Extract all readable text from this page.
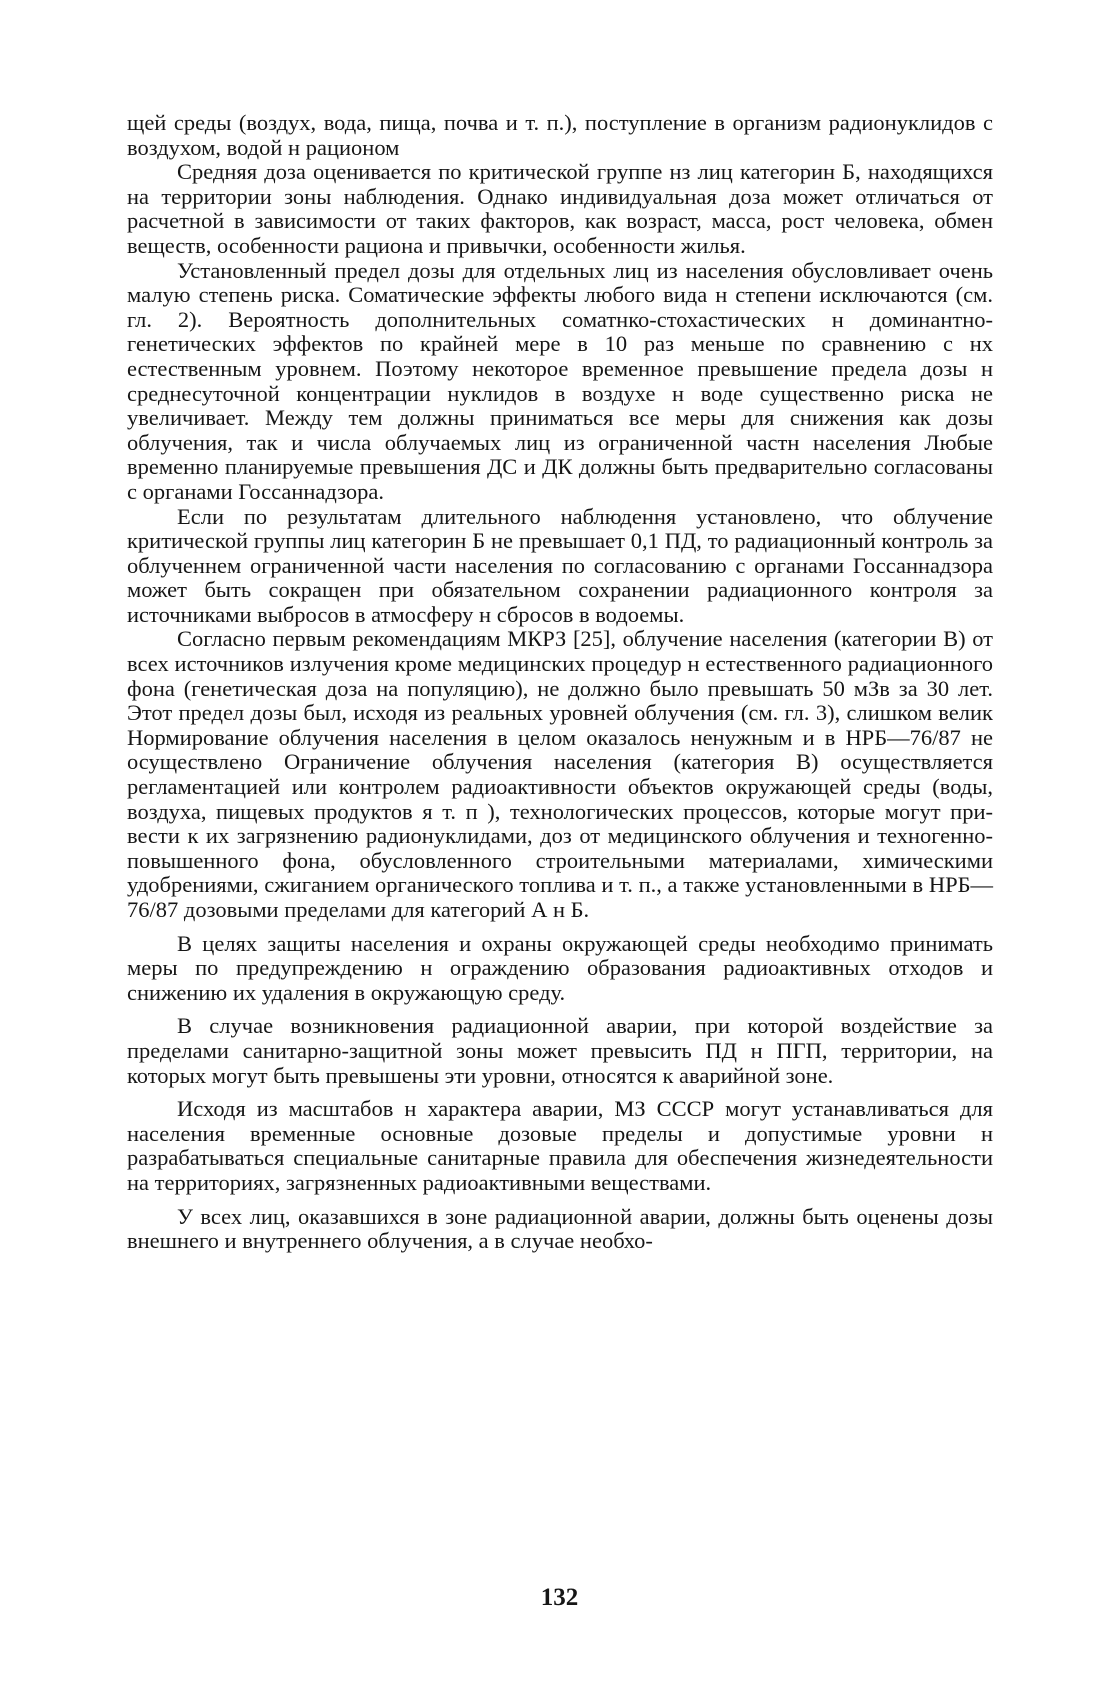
щей среды (воздух, вода, пища, почва и т. п.), поступление в организм радионуклидов с воздухом, водой н рационом

Средняя доза оценивается по критической группе нз лиц категорин Б, находящихся на территории зоны наблюдения. Однако индивидуальная доза может отличаться от расчетной в зависимости от таких факторов, как возраст, масса, рост человека, обмен веществ, особенности рациона и привычки, особенности жилья.

Установленный предел дозы для отдельных лиц из населения обусловливает очень малую степень риска. Соматические эффекты любого вида н степени исключаются (см. гл. 2). Вероятность дополнительных соматнко-стохастических н доминантно-генетических эффектов по крайней мере в 10 раз меньше по сравнению с нх естественным уровнем. Поэтому некоторое временное превышение предела дозы н среднесуточной концентрации нуклидов в воздухе н воде существенно риска не увеличивает. Между тем должны приниматься все меры для снижения как дозы облучения, так и числа облучаемых лиц из ограниченной частн населения Любые временно планируемые превышения ДС и ДК должны быть предварительно согласованы с органами Госсаннадзора.

Если по результатам длительного наблюдення установлено, что облучение критической группы лиц категорин Б не превышает 0,1 ПД, то радиационный контроль за облученнем ограниченной части населения по согласованию с органами Госсаннадзора может быть сокращен при обязательном сохранении радиационного контроля за источниками выбросов в атмосферу н сбросов в водоемы.

Согласно первым рекомендациям МКРЗ [25], облучение населения (категории В) от всех источников излучения кроме медицинских процедур н естественного радиационного фона (генетическая доза на популяцию), не должно было превышать 50 мЗв за 30 лет. Этот предел дозы был, исходя из реальных уровней облучения (см. гл. 3), слишком велик Нормирование облучения населения в целом оказалось ненужным и в НРБ—76/87 не осуществлено Ограничение облучения населения (категория В) осуществляется регламентацией или контролем радиоактивности объектов окружающей среды (воды, воздуха, пищевых продуктов я т. п ), технологических процессов, которые могут привести к их загрязнению радионуклидами, доз от медицинского облучения и техногенно-повышенного фона, обусловленного строительными материалами, химическими удобрениями, сжиганием органического топлива и т. п., а также установленными в НРБ—76/87 дозовыми пределами для категорий А н Б.

В целях защиты населения и охраны окружающей среды необходимо принимать меры по предупреждению н ограждению образования радиоактивных отходов и снижению их удаления в окружающую среду.

В случае возникновения радиационной аварии, при которой воздействие за пределами санитарно-защитной зоны может превысить ПД н ПГП, территории, на которых могут быть превышены эти уровни, относятся к аварийной зоне.

Исходя из масштабов н характера аварии, МЗ СССР могут устанавливаться для населения временные основные дозовые пределы и допустимые уровни н разрабатываться специальные санитарные правила для обеспечения жизнедеятельности на территориях, загрязненных радиоактивными веществами.

У всех лиц, оказавшихся в зоне радиационной аварии, должны быть оценены дозы внешнего и внутреннего облучения, а в случае необхо-

132
